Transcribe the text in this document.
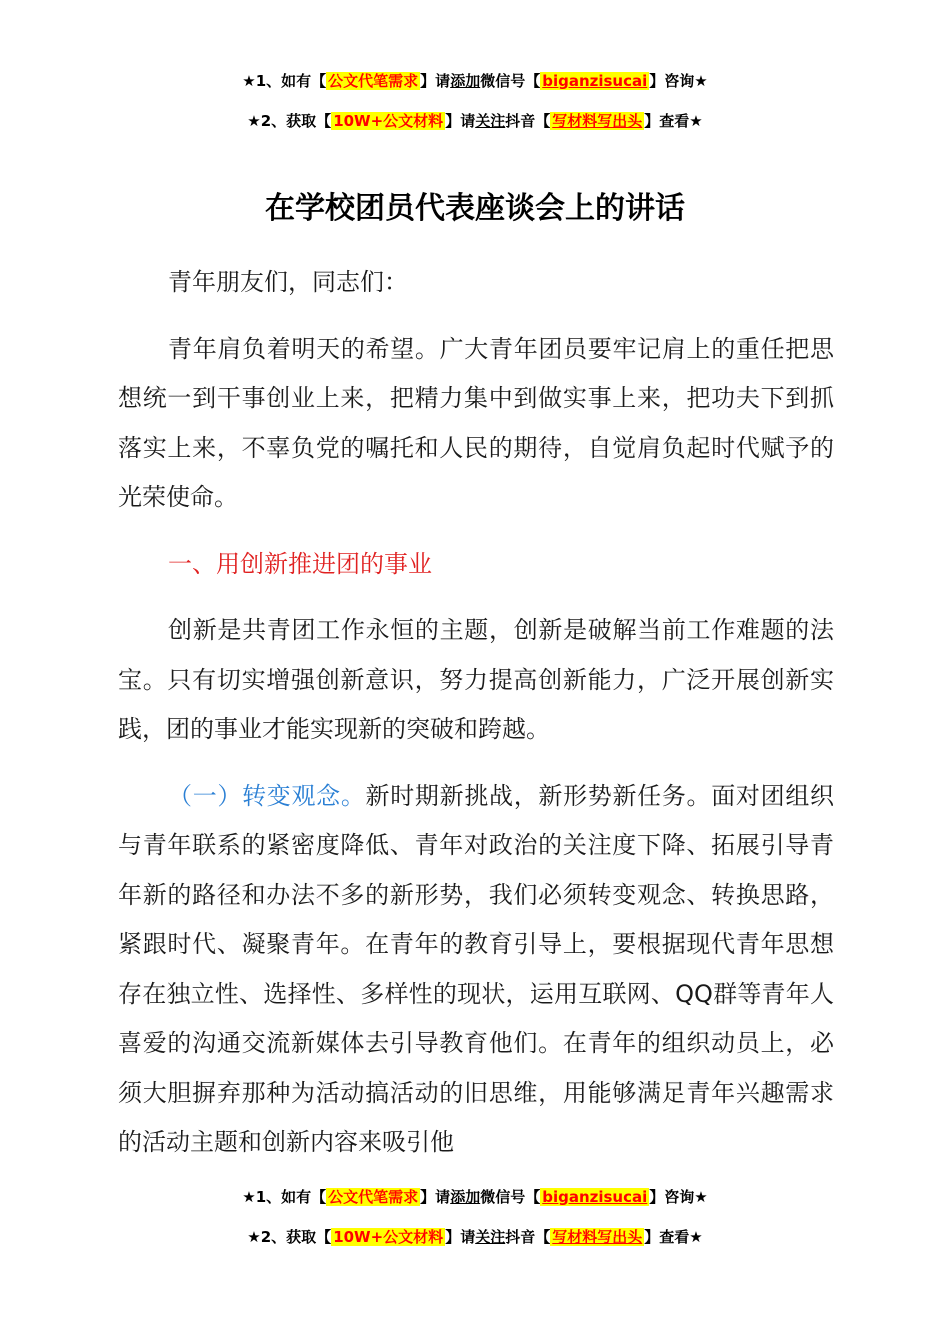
★1、如有【 公文代笔需求 】请添加微信号【 biganzisucai 】咨询★
★2、获取【 10W+公文材料 】请关注抖音【 写材料写出头 】查看★
在学校团员代表座谈会上的讲话

青年朋友们，同志们：

青年肩负着明天的希望。广大青年团员要牢记肩上的重任把思想统一到干事创业上来，把精力集中到做实事上来，把功夫下到抓落实上来，不辜负党的嘱托和人民的期待，自觉肩负起时代赋予的光荣使命。

一、用创新推进团的事业

创新是共青团工作永恒的主题，创新是破解当前工作难题的法宝。只有切实增强创新意识，努力提高创新能力，广泛开展创新实践，团的事业才能实现新的突破和跨越。

（一）转变观念。新时期新挑战，新形势新任务。面对团组织与青年联系的紧密度降低、青年对政治的关注度下降、拓展引导青年新的路径和办法不多的新形势，我们必须转变观念、转换思路，紧跟时代、凝聚青年。在青年的教育引导上，要根据现代青年思想存在独立性、选择性、多样性的现状，运用互联网、QQ群等青年人喜爱的沟通交流新媒体去引导教育他们。在青年的组织动员上，必须大胆摒弃那种为活动搞活动的旧思维，用能够满足青年兴趣需求的活动主题和创新内容来吸引他

★1、如有【 公文代笔需求 】请添加微信号【 biganzisucai 】咨询★
★2、获取【 10W+公文材料 】请关注抖音【 写材料写出头 】查看★
